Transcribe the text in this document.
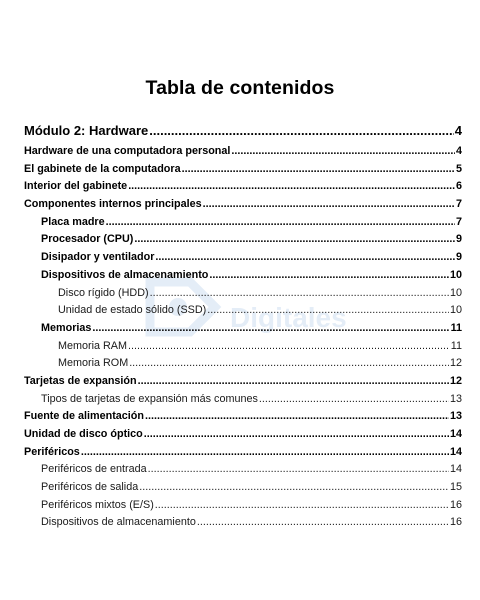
Tabla de contenidos
Digitales
Módulo 2: Hardware .....	4
Hardware de una computadora personal .....	4
El gabinete de la computadora .....	5
Interior del gabinete .....	6
Componentes internos principales .....	7
Placa madre .....	7
Procesador (CPU) .....	9
Disipador y ventilador .....	9
Dispositivos de almacenamiento .....	10
Disco rígido (HDD) .....	10
Unidad de estado sólido (SSD) .....	10
Memorias .....	11
Memoria RAM .....	11
Memoria ROM .....	12
Tarjetas de expansión .....	12
Tipos de tarjetas de expansión más comunes .....	13
Fuente de alimentación .....	13
Unidad de disco óptico .....	14
Periféricos .....	14
Periféricos de entrada .....	14
Periféricos de salida .....	15
Periféricos mixtos (E/S) .....	16
Dispositivos de almacenamiento .....	16
